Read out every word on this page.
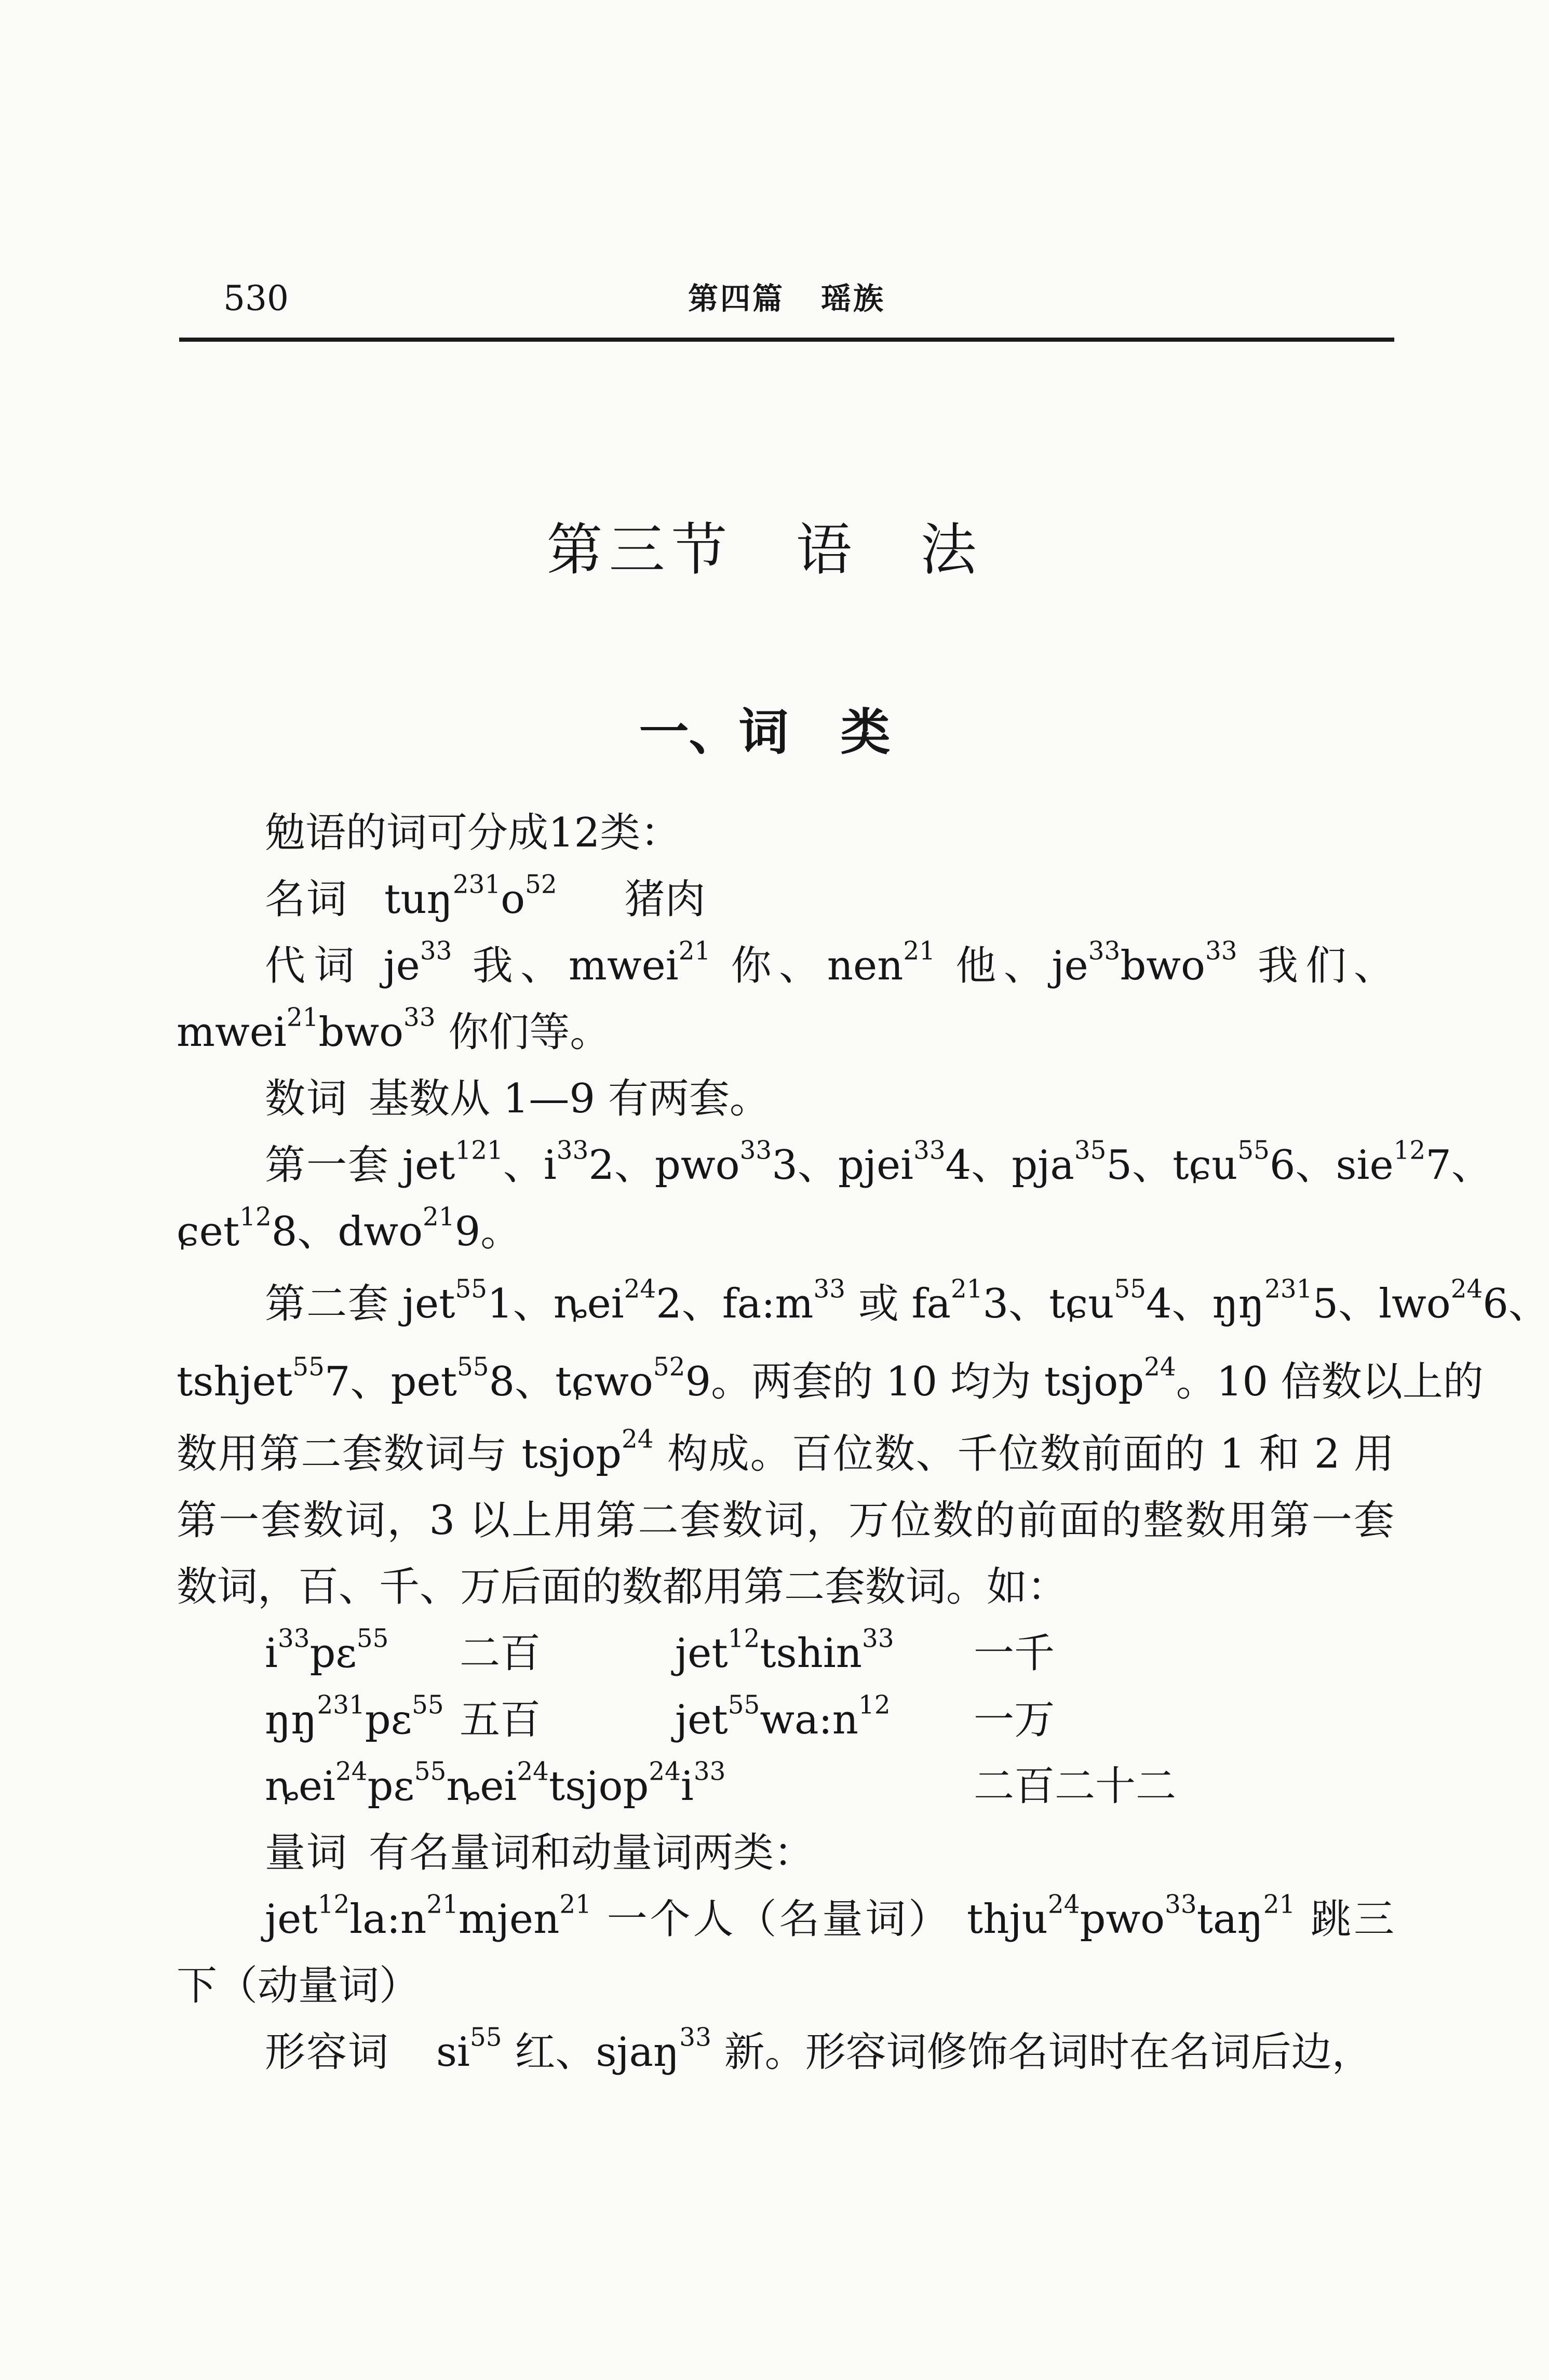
530	第四篇 瑶族
第三节 语 法
一、词 类
勉语的词可分成12类：
名词 $tuŋ^{231}o^{52}$ 猪肉
代词 $je^{33}$ 我、mwei$^{21}$ 你、nen$^{21}$ 他、$je^{33}bwo^{33}$ 我们、
mwei$^{21}$bwo$^{33}$ 你们等。
数词 基数从 1—9 有两套。
第一套 jet$^{121}$、$i^{33}2$、pwo$^{33}$3、pjei$^{33}$4、pja$^{35}$5、tɕu$^{55}$6、sie$^{12}$7、
ɕet$^{12}$8、dwo$^{21}$9。
第二套 jet$^{55}$1、ȵei$^{24}$2、$fa:m^{33}$ 或 $fa^{21}3$、tɕu$^{55}$4、$ŋŋ^{231}5$、lwo$^{24}$6、
tshjet$^{55}$7、pet$^{55}$8、tɕwo$^{52}$9。两套的 10 均为 tsjop$^{24}$。10 倍数以上的
数用第二套数词与 tsjop$^{24}$ 构成。百位数、千位数前面的 1 和 2 用
第一套数词，3 以上用第二套数词，万位数的前面的整数用第一套
数词，百、千、万后面的数都用第二套数词。如：
$i^{33}pɛ^{55}$ 二百	jet$^{12}$tshin$^{33}$ 一千
$ŋŋ^{231}pɛ^{55}$ 五百	$jet^{55}wa:n^{12}$ 一万
$ȵei^{24}pɛ^{55}ȵei^{24}tsjop^{24}i^{33}$	二百二十二
量词 有名量词和动量词两类：
$jet^{12}la:n^{21}mjen^{21}$ 一个人（名量词） thju$^{24}$pwo$^{33}$taŋ$^{21}$ 跳三
下（动量词）
形容词 $si^{55}$ 红、sjaŋ$^{33}$ 新。形容词修饰名词时在名词后边，
